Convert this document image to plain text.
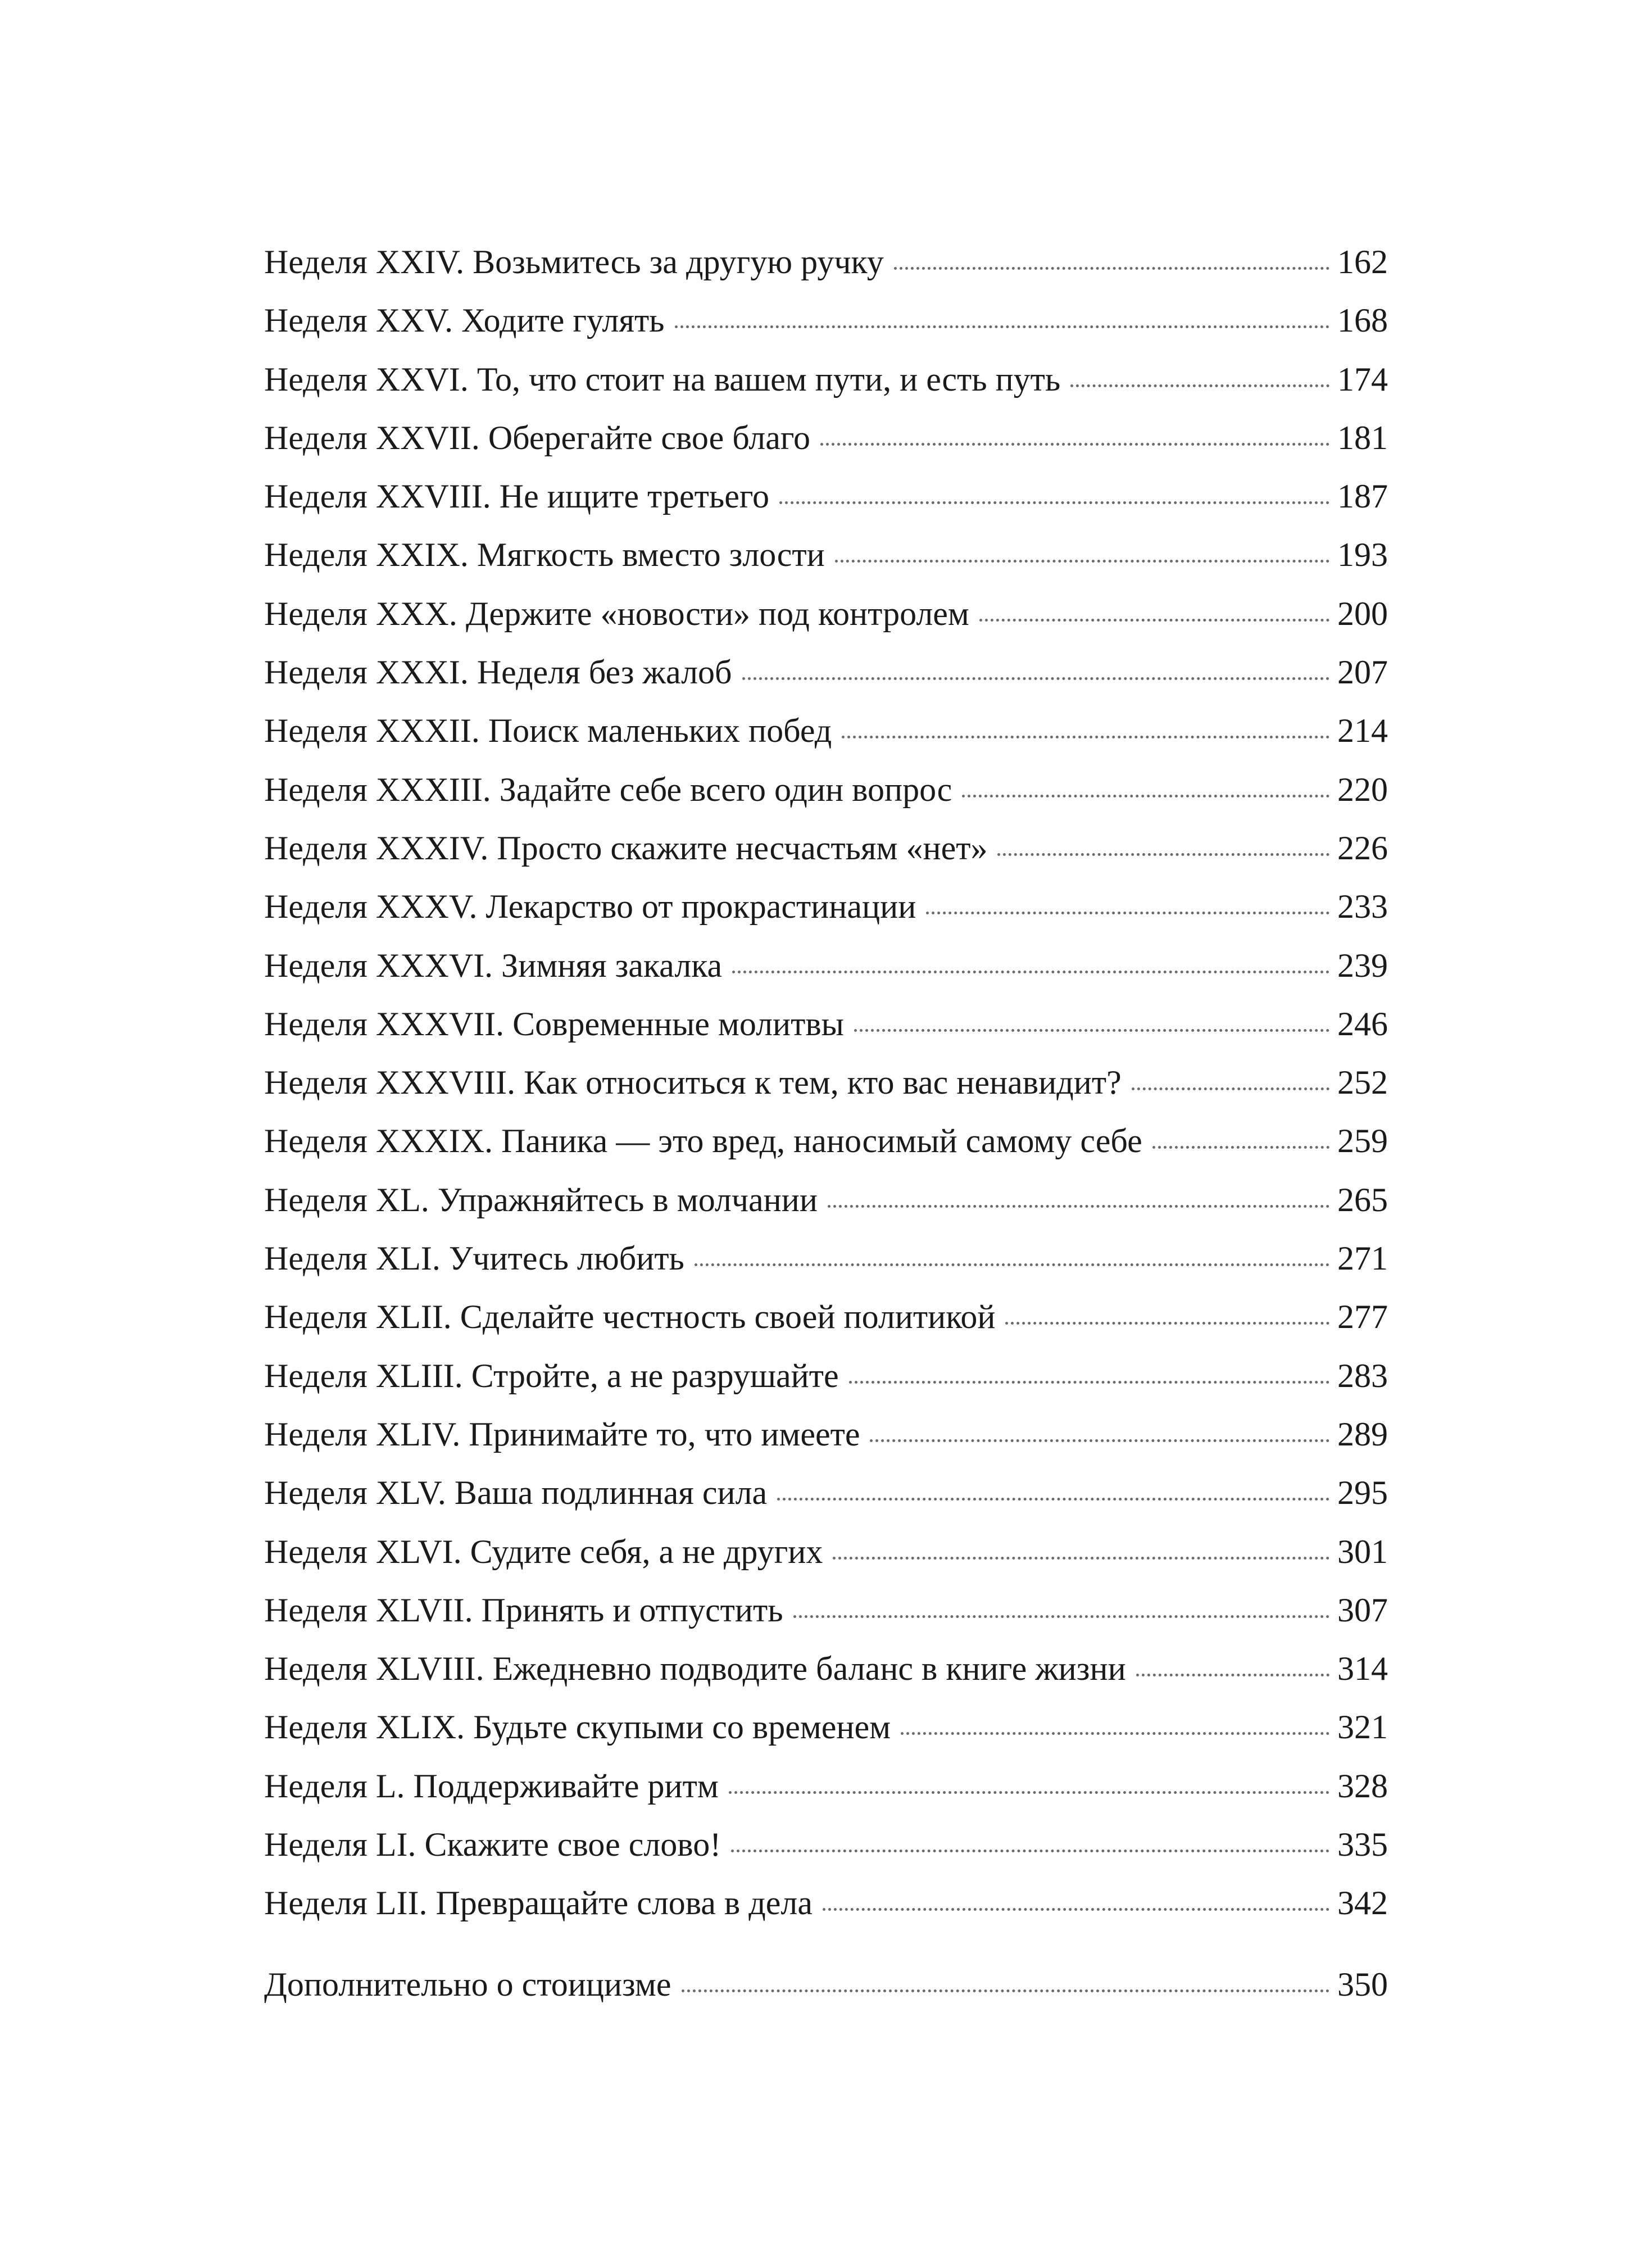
Неделя XXIV. Возьмитесь за другую ручку	162
Неделя XXV. Ходите гулять	168
Неделя XXVI. То, что стоит на вашем пути, и есть путь	174
Неделя XXVII. Оберегайте свое благо	181
Неделя XXVIII. Не ищите третьего	187
Неделя XXIX. Мягкость вместо злости	193
Неделя XXX. Держите «новости» под контролем	200
Неделя XXXI. Неделя без жалоб	207
Неделя XXXII. Поиск маленьких побед	214
Неделя XXXIII. Задайте себе всего один вопрос	220
Неделя XXXIV. Просто скажите несчастьям «нет»	226
Неделя XXXV. Лекарство от прокрастинации	233
Неделя XXXVI. Зимняя закалка	239
Неделя XXXVII. Современные молитвы	246
Неделя XXXVIII. Как относиться к тем, кто вас ненавидит?	252
Неделя XXXIX. Паника — это вред, наносимый самому себе	259
Неделя XL. Упражняйтесь в молчании	265
Неделя XLI. Учитесь любить	271
Неделя XLII. Сделайте честность своей политикой	277
Неделя XLIII. Стройте, а не разрушайте	283
Неделя XLIV. Принимайте то, что имеете	289
Неделя XLV. Ваша подлинная сила	295
Неделя XLVI. Судите себя, а не других	301
Неделя XLVII. Принять и отпустить	307
Неделя XLVIII. Ежедневно подводите баланс в книге жизни	314
Неделя XLIX. Будьте скупыми со временем	321
Неделя L. Поддерживайте ритм	328
Неделя LI. Скажите свое слово!	335
Неделя LII. Превращайте слова в дела	342
Дополнительно о стоицизме	350
